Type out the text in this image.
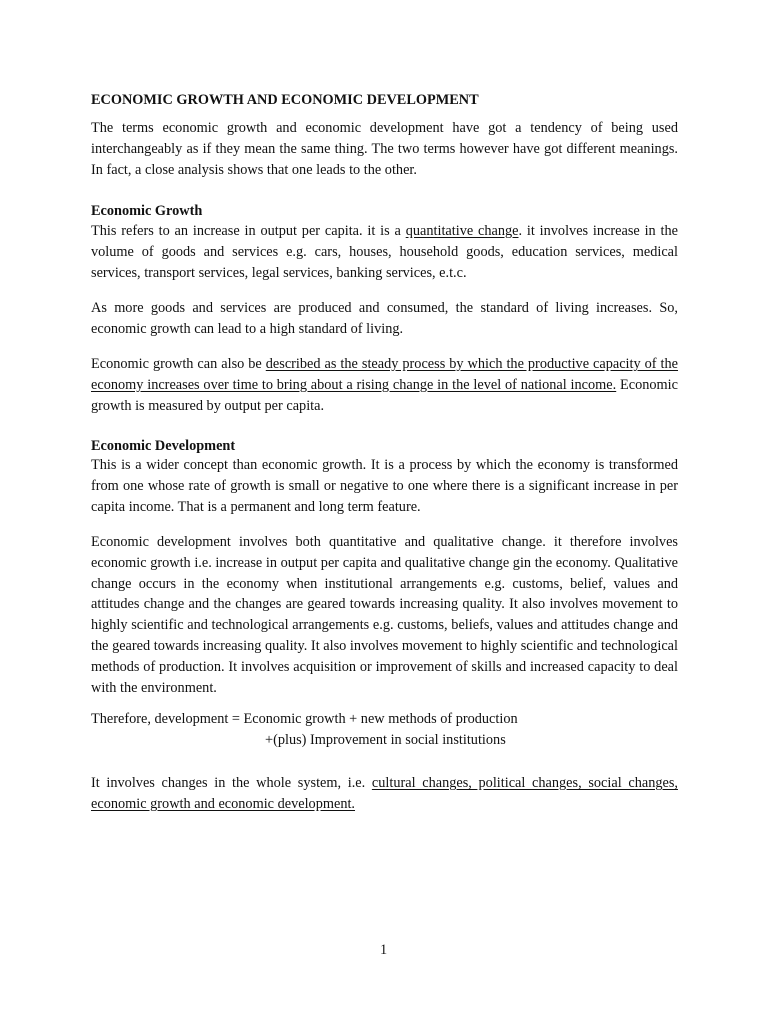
ECONOMIC GROWTH AND ECONOMIC DEVELOPMENT

The terms economic growth and economic development have got a tendency of being used interchangeably as if they mean the same thing. The two terms however have got different meanings. In fact, a close analysis shows that one leads to the other.

Economic Growth

This refers to an increase in output per capita. it is a quantitative change. it involves increase in the volume of goods and services e.g. cars, houses, household goods, education services, medical services, transport services, legal services, banking services, e.t.c.

As more goods and services are produced and consumed, the standard of living increases. So, economic growth can lead to a high standard of living.

Economic growth can also be described as the steady process by which the productive capacity of the economy increases over time to bring about a rising change in the level of national income. Economic growth is measured by output per capita.

Economic Development

This is a wider concept than economic growth. It is a process by which the economy is transformed from one whose rate of growth is small or negative to one where there is a significant increase in per capita income. That is a permanent and long term feature.

Economic development involves both quantitative and qualitative change. it therefore involves economic growth i.e. increase in output per capita and qualitative change gin the economy. Qualitative change occurs in the economy when institutional arrangements e.g. customs, belief, values and attitudes change and the changes are geared towards increasing quality. It also involves movement to highly scientific and technological arrangements e.g. customs, beliefs, values and attitudes change and the geared towards increasing quality. It also involves movement to highly scientific and technological methods of production. It involves acquisition or improvement of skills and increased capacity to deal with the environment.

Therefore, development = Economic growth + new methods of production
+(plus) Improvement in social institutions

It involves changes in the whole system, i.e. cultural changes, political changes, social changes, economic growth and economic development.

1
